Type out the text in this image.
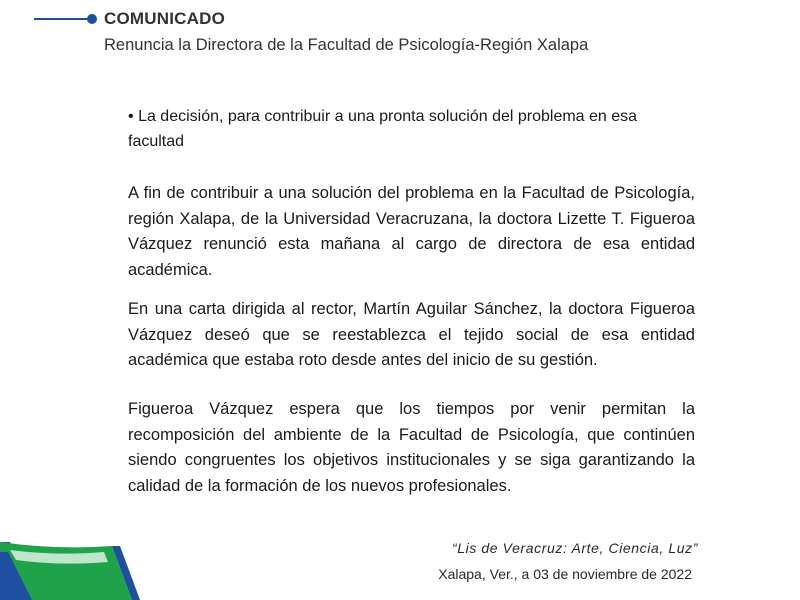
COMUNICADO
Renuncia la Directora de la Facultad de Psicología-Región Xalapa
• La decisión, para contribuir a una pronta solución del problema en esa facultad
A fin de contribuir a una solución del problema en la Facultad de Psicología, región Xalapa, de la Universidad Veracruzana, la doctora Lizette T. Figueroa Vázquez renunció esta mañana al cargo de directora de esa entidad académica.
En una carta dirigida al rector, Martín Aguilar Sánchez, la doctora Figueroa Vázquez deseó que se reestablezca el tejido social de esa entidad académica que estaba roto desde antes del inicio de su gestión.
Figueroa Vázquez espera que los tiempos por venir permitan la recomposición del ambiente de la Facultad de Psicología, que continúen siendo congruentes los objetivos institucionales y se siga garantizando la calidad de la formación de los nuevos profesionales.
“Lis de Veracruz: Arte, Ciencia, Luz”
Xalapa, Ver., a 03 de noviembre de 2022
